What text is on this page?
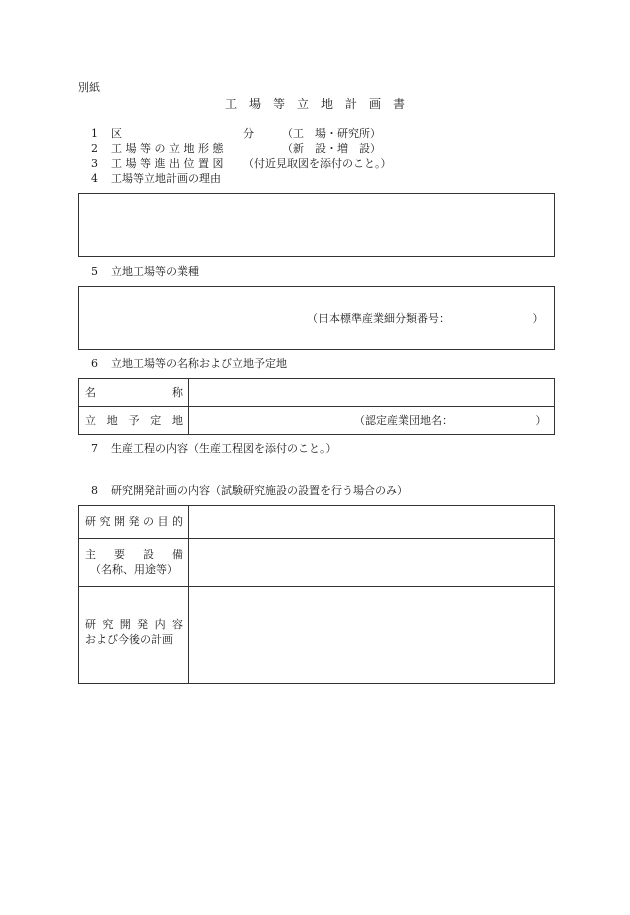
別紙
工　場　等　立　地　計　画　書
1 区　　　　　　　　　　　分	（工　場・研究所）
2 工 場 等 の 立 地 形 態	（新　設・増　設）
3 工 場 等 進 出 位 置 図 （付近見取図を添付のこと。）
4 工場等立地計画の理由
5 立地工場等の業種
（日本標準産業細分類番号：　　　　　　　　）
6 立地工場等の名称および立地予定地
名	称
立 地 予 定 地	（認定産業団地名：　　　　　　　　）
7 生産工程の内容（生産工程図を添付のこと。）
8 研究開発計画の内容（試験研究施設の設置を行う場合のみ）
研 究 開 発 の 目 的
主 要 設 備
（名称、用途等）
研 究 開 発 内 容
および今後の計画
